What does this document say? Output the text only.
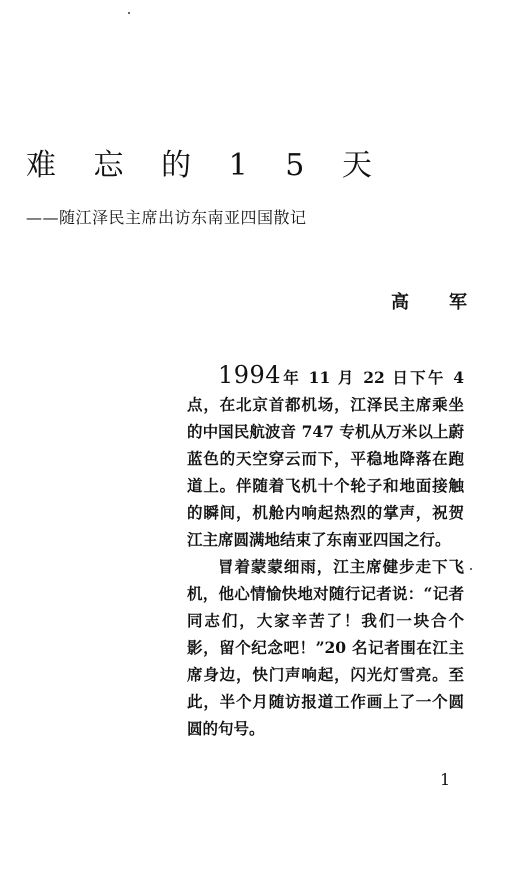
难 忘 的 1 5 天
——随江泽民主席出访东南亚四国散记
高军

1994年 11 月 22 日下午 4 点，在北京首都机场，江泽民主席乘坐的中国民航波音 747 专机从万米以上蔚蓝色的天空穿云而下，平稳地降落在跑道上。伴随着飞机十个轮子和地面接触的瞬间，机舱内响起热烈的掌声，祝贺江主席圆满地结束了东南亚四国之行。

冒着蒙蒙细雨，江主席健步走下飞机，他心情愉快地对随行记者说：“记者同志们，大家辛苦了！我们一块合个影，留个纪念吧！”20 名记者围在江主席身边，快门声响起，闪光灯雪亮。至此，半个月随访报道工作画上了一个圆圆的句号。

1
